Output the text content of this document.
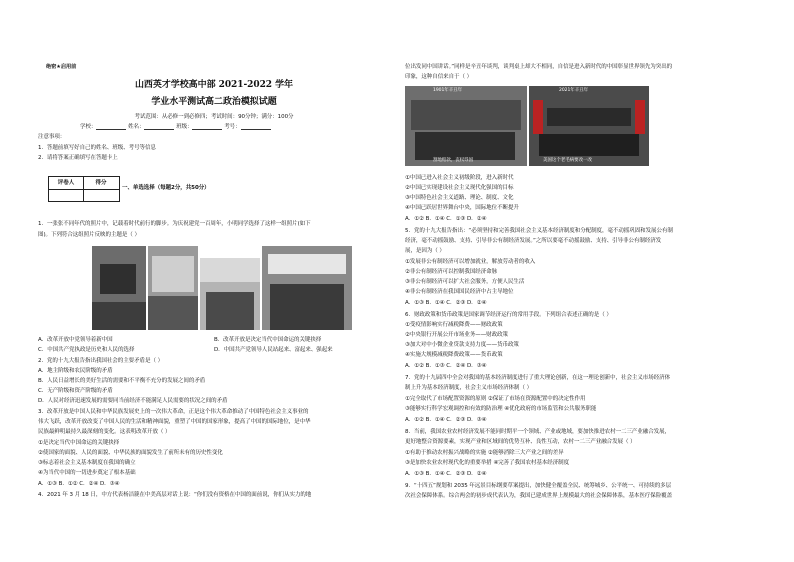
绝密★启用前
山西英才学校高中部 2021-2022 学年
学业水平测试高二政治模拟试题
考试范围：从必修一到必修四；考试时间：90分钟；满分：100分
学校：	姓名：	班级：	考号：
注意事项：
1．答题前填写好自己的姓名、班级、考号等信息
2．请将答案正确填写在答题卡上
评卷人	得分
一、单选选择（每题2分，共50分）
1．一张张不同年代的照片中，记载着时代前行的脚步。为庆祝建党一百周年，小明同学选择了这样一组照片(如下
图)。下列符合这组照片反映的主题是（ ）
A．改革开放中党领导着新中国	B．改革开放是决定当代中国命运的关键抉择
C．中国共产党执政是历史和人民的选择	D．中国共产党领导人民站起来、富起来、强起来
2．党的十九大报告指出我国社会的主要矛盾是（ ）
A．地主阶级和农民阶级的矛盾
B．人民日益增长的美好生活的需要和不平衡不充分的发展之间的矛盾
C．无产阶级和资产阶级的矛盾
D．人民对经济迅速发展的需要同当前经济不能满足人民需要的状况之间的矛盾
3．改革开放是中国人民和中华民族发展史上的一次伟大革命，正是这个伟大革命推动了中国特色社会主义事业的
伟大飞跃，改革开放改变了中国人民的生活和精神面貌，重塑了中国的国家形象，提高了中国的国际地位，是中华
民族最鲜明最持久最深刻的变化。这表明改革开放（ ）
①是决定当代中国命运的关键抉择
②使国家的面貌、人民的面貌、中华民族的面貌发生了前所未有的历史性变化
③标志着社会主义基本制度在我国的确立
④为当代中国的一切进步奠定了根本基础
A．①③ B．①② C．②④ D．③④
4．2021 年 3 月 18 日，中方代表杨洁篪在中美高层对话上说：“你们没有资格在中国的面前说，你们从实力的地
位出发同中国讲话。”同样是辛丑年谈判，谈判桌上却大不相同，自信是进入新时代的中国彰显世界领先为突出的
印象，这种自信来自于（ ）
1901年辛丑年
割地赔款，丧权辱国
2021年辛丑年
美国这个老毛病要改一改
①中国已进入社会主义初级阶段，进入新时代
②中国已实现建设社会主义现代化强国的目标
③中国特色社会主义道路、理论、制度、文化
④中国已跃居世界舞台中央，国际地位不断提升
A．①② B．①④ C．①③ D．②④
5．党的十九大报告指出：“必须坚持和完善我国社会主义基本经济制度和分配制度，毫不动摇巩固和发展公有制
经济，毫不动摇鼓励、支持、引导非公有制经济发展。”之所以要毫不动摇鼓励、支持、引导非公有制经济发
展，是因为（ ）
①发展非公有制经济可以增加就业，解放劳动者的收入
②非公有制经济可以控制我国经济命脉
③非公有制经济可以扩大社会服务，方便人民生活
④非公有制经济在我国国民经济中占主导地位
A．①③ B．①④ C．②③ D．②④
6．财政政策和货币政策是国家调节经济运行的常用手段。下列组合表述正确的是（ ）
①受疫情影响实行减税降费——财政政策
②中央银行开展公开市场业务——财政政策
③加大对中小微企业贷款支持力度——货币政策
④实施大规模减税降费政策——货币政策
A．①② B．①③ C．②④ D．③④
7．党的十九届四中全会对我国的基本经济制度进行了重大理论创新，在这一理论创新中，社会主义市场经济体
制上升为基本经济制度，社会主义市场经济体制（ ）
①完全取代了市场配置资源的原则 ②保证了市场在资源配置中的决定性作用
③能够实行科学宏观调控和有效的防治理 ④优化政府的市场监管和公共服务职能
A．①② B．①④ C．②③ D．③④
8．当前，我国农业农村经济发展不能同时期平一个领域、产业或地域，要加快推进农村一二三产业融合发展，
更好地整合资源要素，实现产业和区域间的优势互补、良性互动，农村一二三产业融合发展（ ）
①有助于推动农村振兴战略的实施 ②能够消除三大产业之间的差异
③是加快农业农村现代化的重要举措 ④完善了我国农村基本经济制度
A．①③ B．①④ C．②③ D．②④
9．“十四五”规划和 2035 年远景目标纲要草案提出，加快健全覆盖全民、统筹城乡、公平统一、可持续的多层
次社会保障体系。综合两会的初步成代表认为，我国已建成世界上规模最大的社会保障体系，基本医疗保险覆盖
